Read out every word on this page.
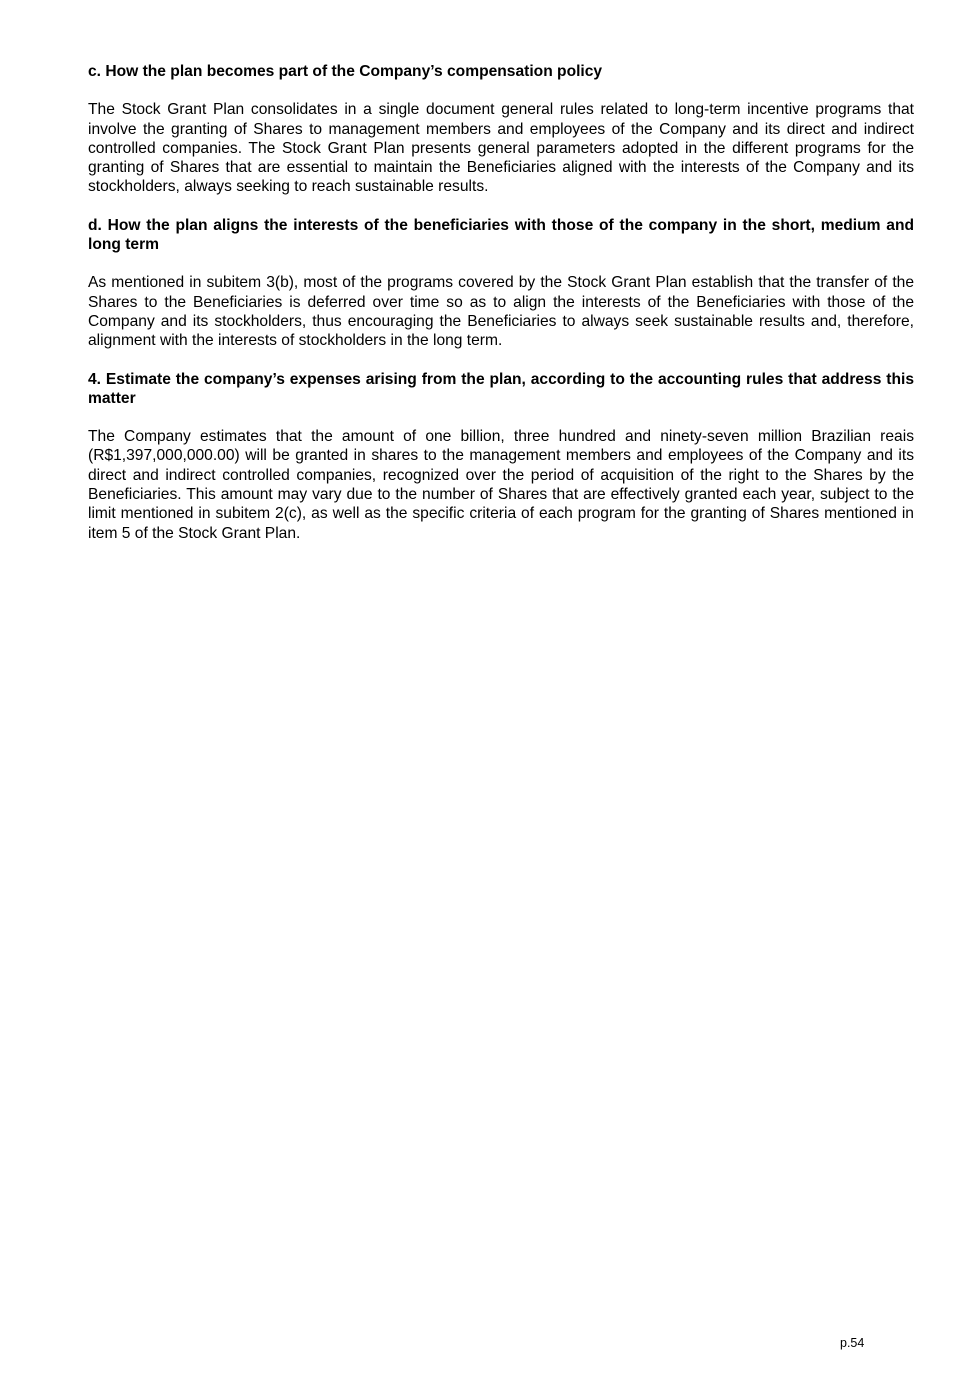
c. How the plan becomes part of the Company’s compensation policy

The Stock Grant Plan consolidates in a single document general rules related to long-term incentive programs that involve the granting of Shares to management members and employees of the Company and its direct and indirect controlled companies. The Stock Grant Plan presents general parameters adopted in the different programs for the granting of Shares that are essential to maintain the Beneficiaries aligned with the interests of the Company and its stockholders, always seeking to reach sustainable results.

d. How the plan aligns the interests of the beneficiaries with those of the company in the short, medium and long term

As mentioned in subitem 3(b), most of the programs covered by the Stock Grant Plan establish that the transfer of the Shares to the Beneficiaries is deferred over time so as to align the interests of the Beneficiaries with those of the Company and its stockholders, thus encouraging the Beneficiaries to always seek sustainable results and, therefore, alignment with the interests of stockholders in the long term.

4. Estimate the company’s expenses arising from the plan, according to the accounting rules that address this matter

The Company estimates that the amount of one billion, three hundred and ninety-seven million Brazilian reais (R$1,397,000,000.00) will be granted in shares to the management members and employees of the Company and its direct and indirect controlled companies, recognized over the period of acquisition of the right to the Shares by the Beneficiaries. This amount may vary due to the number of Shares that are effectively granted each year, subject to the limit mentioned in subitem 2(c), as well as the specific criteria of each program for the granting of Shares mentioned in item 5 of the Stock Grant Plan.

p.54
